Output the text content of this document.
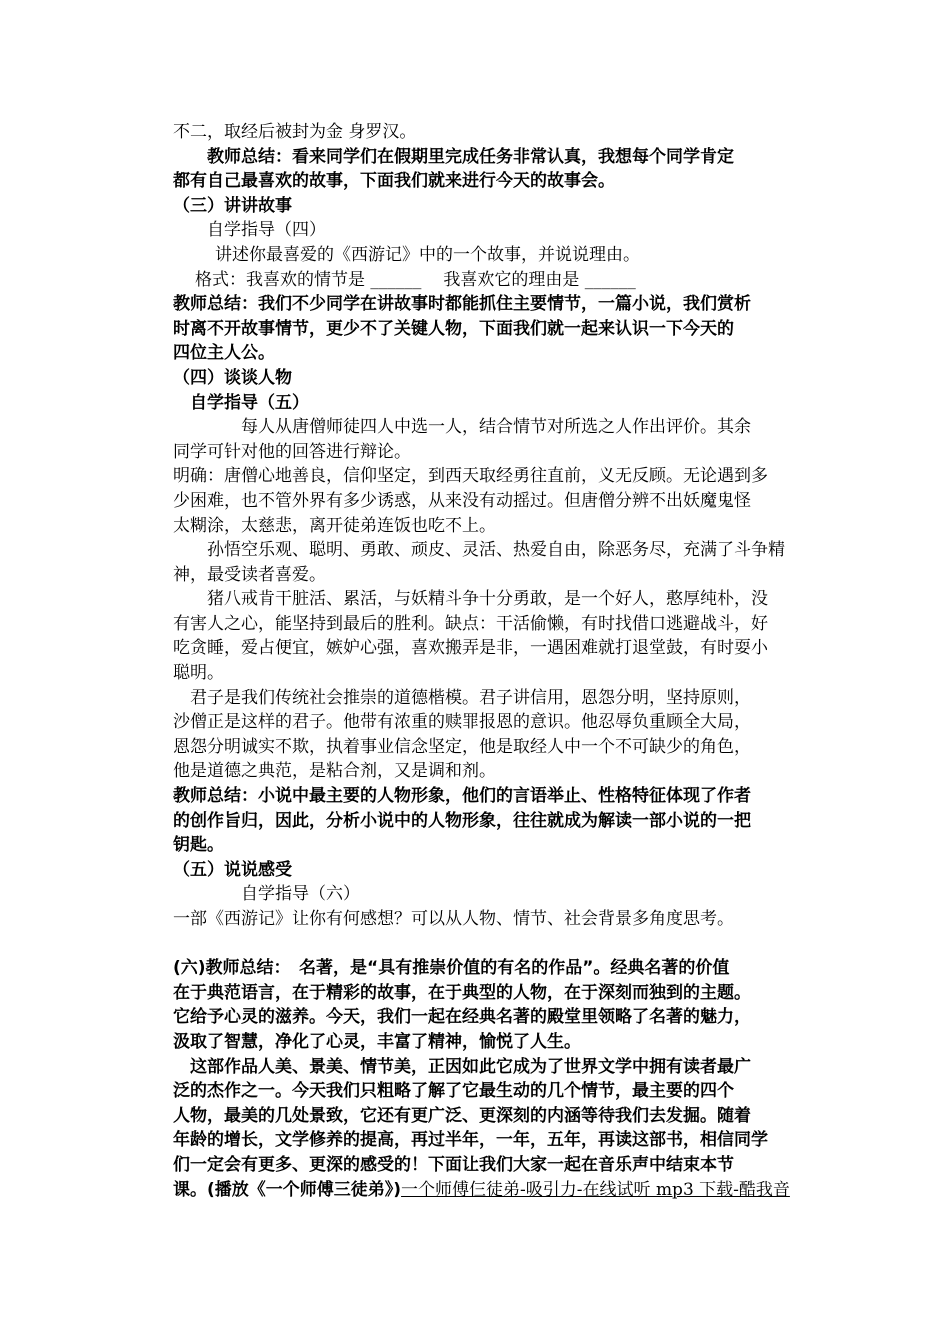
不二，取经后被封为金 身罗汉。
教师总结：看来同学们在假期里完成任务非常认真，我想每个同学肯定
都有自己最喜欢的故事，下面我们就来进行今天的故事会。
（三）讲讲故事
自学指导（四）
讲述你最喜爱的《西游记》中的一个故事，并说说理由。
格式：我喜欢的情节是 ______ 我喜欢它的理由是 ______
教师总结：我们不少同学在讲故事时都能抓住主要情节，一篇小说，我们赏析
时离不开故事情节，更少不了关键人物，下面我们就一起来认识一下今天的
四位主人公。
（四）谈谈人物
自学指导（五）
每人从唐僧师徒四人中选一人，结合情节对所选之人作出评价。其余
同学可针对他的回答进行辩论。
明确：唐僧心地善良，信仰坚定，到西天取经勇往直前，义无反顾。无论遇到多
少困难，也不管外界有多少诱惑，从来没有动摇过。但唐僧分辨不出妖魔鬼怪
太糊涂，太慈悲，离开徒弟连饭也吃不上。
孙悟空乐观、聪明、勇敢、顽皮、灵活、热爱自由，除恶务尽，充满了斗争精
神，最受读者喜爱。
猪八戒肯干脏活、累活，与妖精斗争十分勇敢，是一个好人，憨厚纯朴，没
有害人之心，能坚持到最后的胜利。缺点：干活偷懒，有时找借口逃避战斗，好
吃贪睡，爱占便宜，嫉妒心强，喜欢搬弄是非，一遇困难就打退堂鼓，有时耍小
聪明。
君子是我们传统社会推崇的道德楷模。君子讲信用，恩怨分明，坚持原则，
沙僧正是这样的君子。他带有浓重的赎罪报恩的意识。他忍辱负重顾全大局，
恩怨分明诚实不欺，执着事业信念坚定，他是取经人中一个不可缺少的角色，
他是道德之典范，是粘合剂，又是调和剂。
教师总结：小说中最主要的人物形象，他们的言语举止、性格特征体现了作者
的创作旨归，因此，分析小说中的人物形象，往往就成为解读一部小说的一把
钥匙。
（五）说说感受
自学指导（六）
一部《西游记》让你有何感想？可以从人物、情节、社会背景多角度思考。
(六)教师总结：　名著，是“具有推崇价值的有名的作品”。经典名著的价值
在于典范语言，在于精彩的故事，在于典型的人物，在于深刻而独到的主题。
它给予心灵的滋养。今天，我们一起在经典名著的殿堂里领略了名著的魅力，
汲取了智慧，净化了心灵，丰富了精神，愉悦了人生。
这部作品人美、景美、情节美，正因如此它成为了世界文学中拥有读者最广
泛的杰作之一。今天我们只粗略了解了它最生动的几个情节，最主要的四个
人物，最美的几处景致，它还有更广泛、更深刻的内涵等待我们去发掘。随着
年龄的增长，文学修养的提高，再过半年，一年，五年，再读这部书，相信同学
们一定会有更多、更深的感受的！下面让我们大家一起在音乐声中结束本节
课。(播放《一个师傅三徒弟》)一个师傅仨徒弟-吸引力-在线试听 mp3 下载-酷我音
